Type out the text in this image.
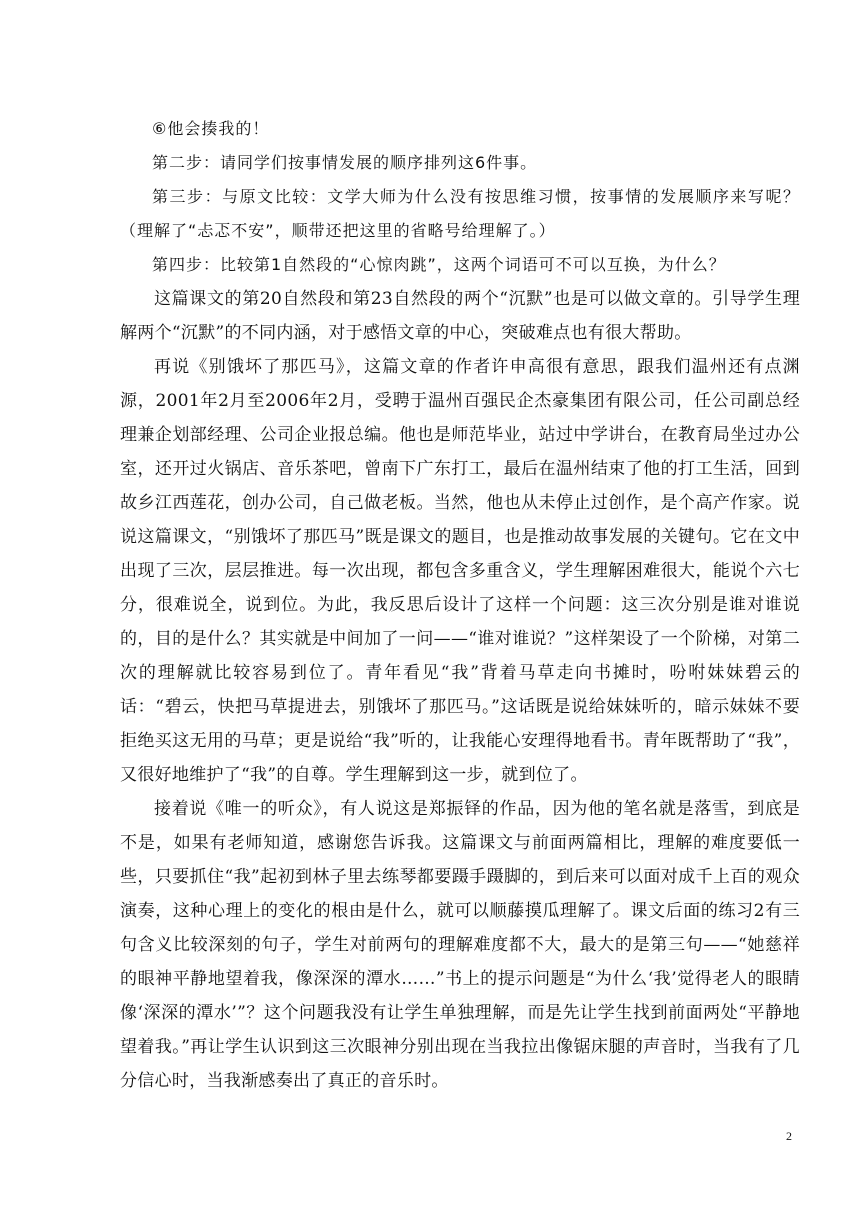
⑥他会揍我的！

第二步：请同学们按事情发展的顺序排列这6件事。

第三步：与原文比较：文学大师为什么没有按思维习惯，按事情的发展顺序来写呢？（理解了“忐忑不安”，顺带还把这里的省略号给理解了。）

第四步：比较第1自然段的“心惊肉跳”，这两个词语可不可以互换，为什么？

这篇课文的第20自然段和第23自然段的两个“沉默”也是可以做文章的。引导学生理解两个“沉默”的不同内涵，对于感悟文章的中心，突破难点也有很大帮助。

再说《别饿坏了那匹马》，这篇文章的作者许申高很有意思，跟我们温州还有点渊源，2001年2月至2006年2月，受聘于温州百强民企杰豪集团有限公司，任公司副总经理兼企划部经理、公司企业报总编。他也是师范毕业，站过中学讲台，在教育局坐过办公室，还开过火锅店、音乐茶吧，曾南下广东打工，最后在温州结束了他的打工生活，回到故乡江西莲花，创办公司，自己做老板。当然，他也从未停止过创作，是个高产作家。说说这篇课文，“别饿坏了那匹马”既是课文的题目，也是推动故事发展的关键句。它在文中出现了三次，层层推进。每一次出现，都包含多重含义，学生理解困难很大，能说个六七分，很难说全，说到位。为此，我反思后设计了这样一个问题：这三次分别是谁对谁说的，目的是什么？其实就是中间加了一问——“谁对谁说？”这样架设了一个阶梯，对第二次的理解就比较容易到位了。青年看见“我”背着马草走向书摊时，吩咐妹妹碧云的话：“碧云，快把马草提进去，别饿坏了那匹马。”这话既是说给妹妹听的，暗示妹妹不要拒绝买这无用的马草；更是说给“我”听的，让我能心安理得地看书。青年既帮助了“我”，又很好地维护了“我”的自尊。学生理解到这一步，就到位了。

接着说《唯一的听众》，有人说这是郑振铎的作品，因为他的笔名就是落雪，到底是不是，如果有老师知道，感谢您告诉我。这篇课文与前面两篇相比，理解的难度要低一些，只要抓住“我”起初到林子里去练琴都要蹑手蹑脚的，到后来可以面对成千上百的观众演奏，这种心理上的变化的根由是什么，就可以顺藤摸瓜理解了。课文后面的练习2有三句含义比较深刻的句子，学生对前两句的理解难度都不大，最大的是第三句——“她慈祥的眼神平静地望着我，像深深的潭水……”书上的提示问题是“为什么‘我’觉得老人的眼睛像‘深深的潭水’”？这个问题我没有让学生单独理解，而是先让学生找到前面两处“平静地望着我。”再让学生认识到这三次眼神分别出现在当我拉出像锯床腿的声音时，当我有了几分信心时，当我渐感奏出了真正的音乐时。

2
